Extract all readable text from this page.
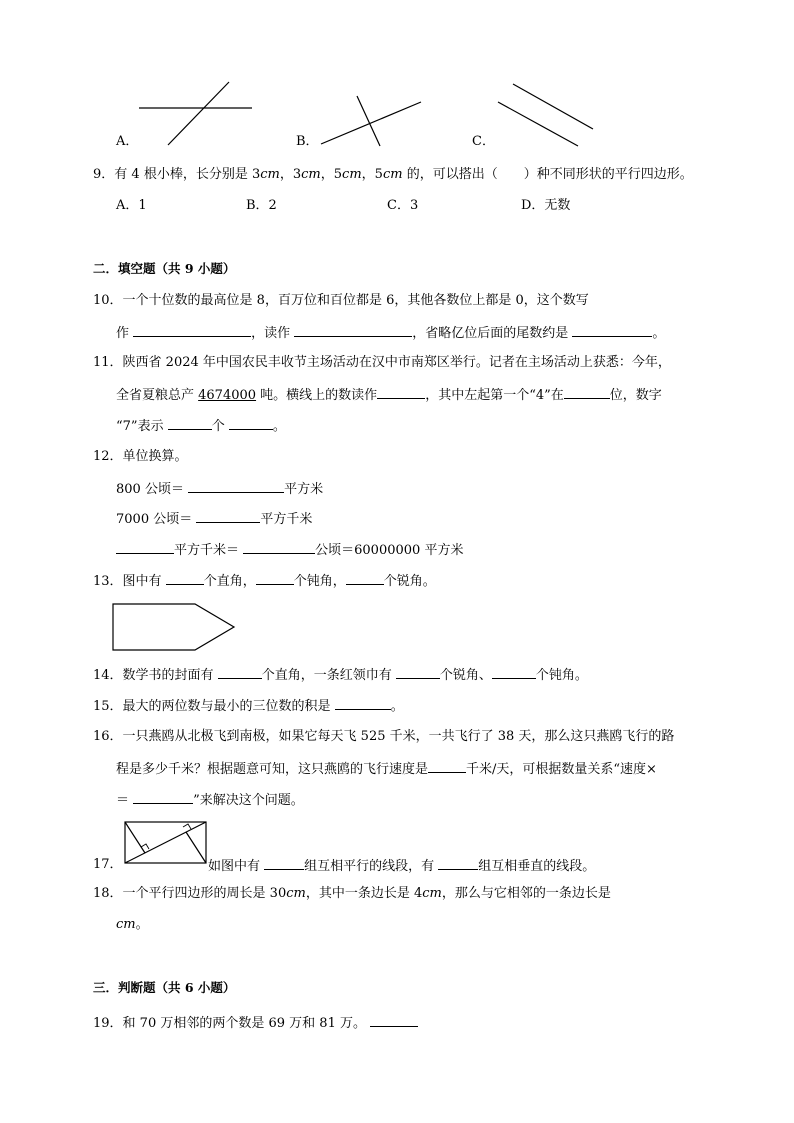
A．	B．	C．
9．有 4 根小棒，长分别是 3cm，3cm，5cm，5cm 的，可以搭出（　　）种不同形状的平行四边形。
A．1	B．2	C．3	D．无数
二．填空题（共 9 小题）
10．一个十位数的最高位是 8，百万位和百位都是 6，其他各数位上都是 0，这个数写
作	，读作	，省略亿位后面的尾数约是	。
11．陕西省 2024 年中国农民丰收节主场活动在汉中市南郑区举行。记者在主场活动上获悉：今年，
全省夏粮总产 4674000 吨。横线上的数读作	，其中左起第一个“4”在	位，数字
“7”表示	个	。
12．单位换算。
800 公顷＝	平方米
7000 公顷＝	平方千米
平方千米＝	公顷＝60000000 平方米
13．图中有	个直角，	个钝角，	个锐角。
14．数学书的封面有	个直角，一条红领巾有	个锐角、	个钝角。
15．最大的两位数与最小的三位数的积是	。
16．一只燕鸥从北极飞到南极，如果它每天飞 525 千米，一共飞行了 38 天，那么这只燕鸥飞行的路
程是多少千米？根据题意可知，这只燕鸥的飞行速度是	千米/天，可根据数量关系“速度×
＝	”来解决这个问题。
17．	如图中有	组互相平行的线段，有	组互相垂直的线段。
18．一个平行四边形的周长是 30cm，其中一条边长是 4cm，那么与它相邻的一条边长是
cm。
三．判断题（共 6 小题）
19．和 70 万相邻的两个数是 69 万和 81 万。
